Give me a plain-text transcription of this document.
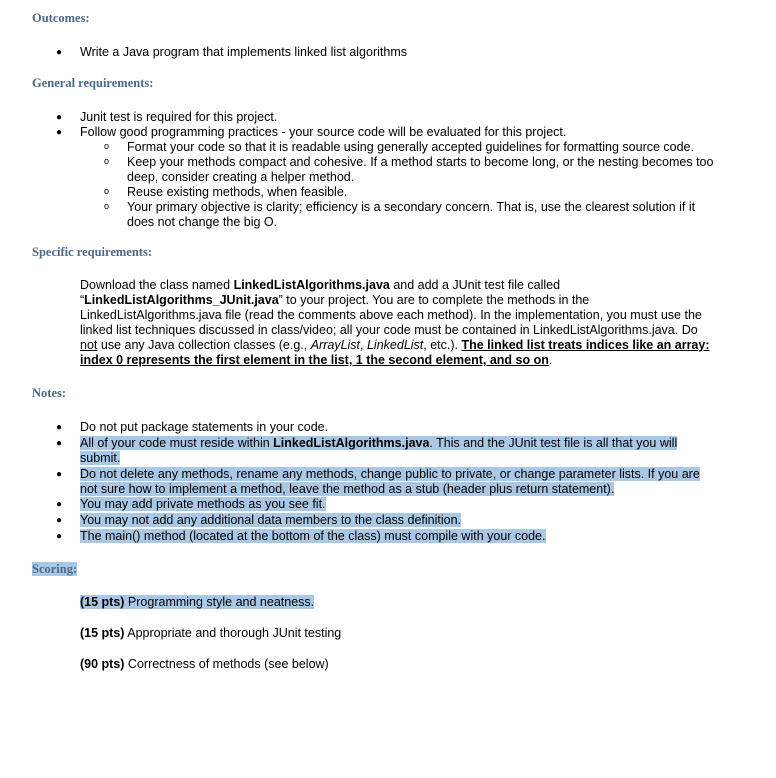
Outcomes:
● Write a Java program that implements linked list algorithms
General requirements:
● Junit test is required for this project.
● Follow good programming practices - your source code will be evaluated for this project.
o Format your code so that it is readable using generally accepted guidelines for formatting source code.
o Keep your methods compact and cohesive. If a method starts to become long, or the nesting becomes too
deep, consider creating a helper method.
o Reuse existing methods, when feasible.
o Your primary objective is clarity; efficiency is a secondary concern. That is, use the clearest solution if it
does not change the big O.
Specific requirements:
Download the class named LinkedListAlgorithms.java and add a JUnit test file called
“LinkedListAlgorithms_JUnit.java” to your project. You are to complete the methods in the
LinkedListAlgorithms.java file (read the comments above each method). In the implementation, you must use the
linked list techniques discussed in class/video; all your code must be contained in LinkedListAlgorithms.java. Do
not use any Java collection classes (e.g., ArrayList, LinkedList, etc.). The linked list treats indices like an array:
index 0 represents the first element in the list, 1 the second element, and so on.
Notes:
● Do not put package statements in your code.
● All of your code must reside within LinkedListAlgorithms.java. This and the JUnit test file is all that you will
submit.
● Do not delete any methods, rename any methods, change public to private, or change parameter lists. If you are
not sure how to implement a method, leave the method as a stub (header plus return statement).
● You may add private methods as you see fit.
● You may not add any additional data members to the class definition.
● The main() method (located at the bottom of the class) must compile with your code.
Scoring:
(15 pts) Programming style and neatness.
(15 pts) Appropriate and thorough JUnit testing
(90 pts) Correctness of methods (see below)
